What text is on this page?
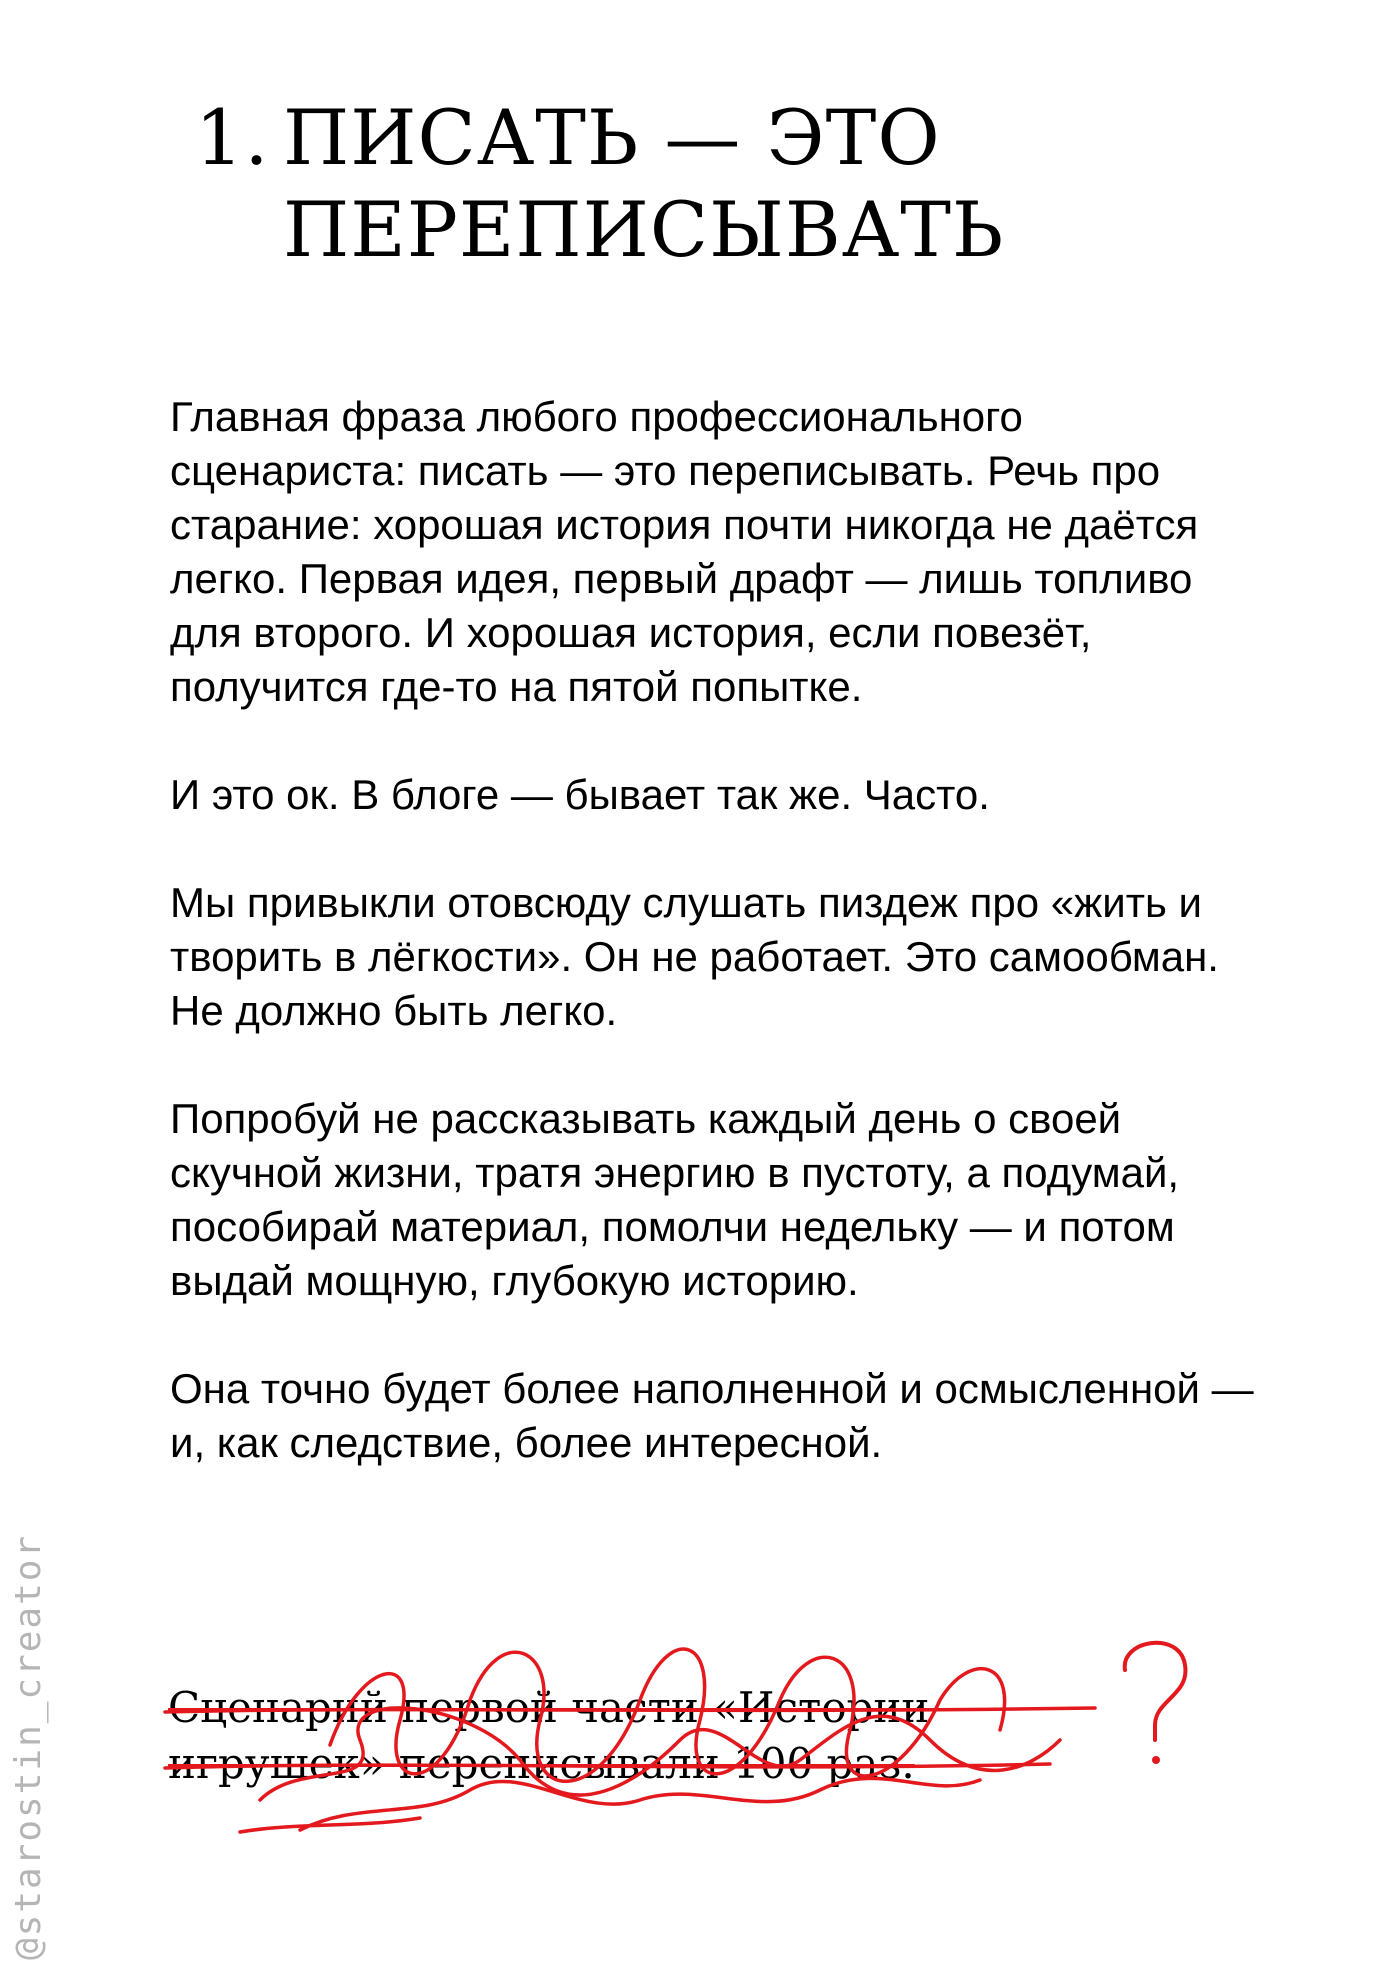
1. ПИСАТЬ — ЭТО
ПЕРЕПИСЫВАТЬ

Главная фраза любого профессионального сценариста: писать — это переписывать. Речь про старание: хорошая история почти никогда не даётся легко. Первая идея, первый драфт — лишь топливо для второго. И хорошая история, если повезёт, получится где-то на пятой попытке.

И это ок. В блоге — бывает так же. Часто.

Мы привыкли отовсюду слушать пиздеж про «жить и творить в лёгкости». Он не работает. Это самообман. Не должно быть легко.

Попробуй не рассказывать каждый день о своей скучной жизни, тратя энергию в пустоту, а подумай, пособирай материал, помолчи недельку — и потом выдай мощную, глубокую историю.

Она точно будет более наполненной и осмысленной — и, как следствие, более интересной.

Сценарий первой части «Истории игрушек» переписывали 100 раз.

@starostin_creator
